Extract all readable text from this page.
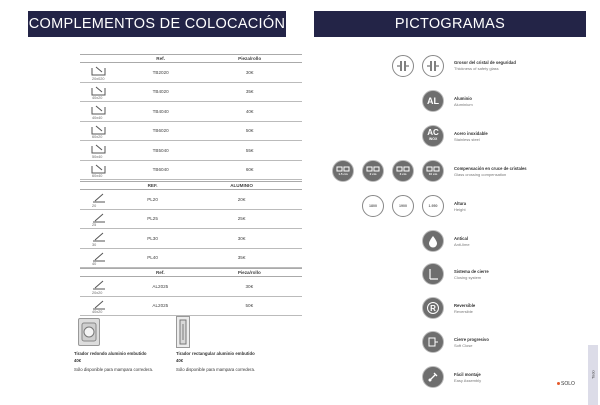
COMPLEMENTOS DE COLOCACIÓN
	Ref.	Pieza/rollo

20x020	TB2020	30€

40x20	TB4020	35€

40x40	TB4040	40€

60x20	TB6020	50€

50x40	TB5040	55€

60x40	TB6040	60€
	REF.	ALUMINIO

20	PL20	20€

25	PL25	25€

30	PL30	30€

40	PL40	35€
	Ref.	Pieza/rollo

20x20	AL2025	30€

40x20	AL2025	50€
Tirador redondo aluminio embutido
40€
Sólo disponible para mampara corredera.
Tirador rectangular aluminio embutido
40€
Sólo disponible para mampara corredera.
PICTOGRAMAS
Grosor del cristal de seguridad
Thickness of safety glass
AL	Aluminio
Aluminium
AC
INOX
Acero inoxidable
Stainless steel
1.5 cm	2 cm	3 cm	10 cm
Compensación en cruce de cristales
Glass crossing compensation
1800	1900	1.950	Altura
Height
Antical
Anti-lime
Sistema de cierre
Closing system
R	Reversible
Reversible
Cierre progresivo
Soft Close
Fácil montaje
Easy Assembly
SOLO
Todo
